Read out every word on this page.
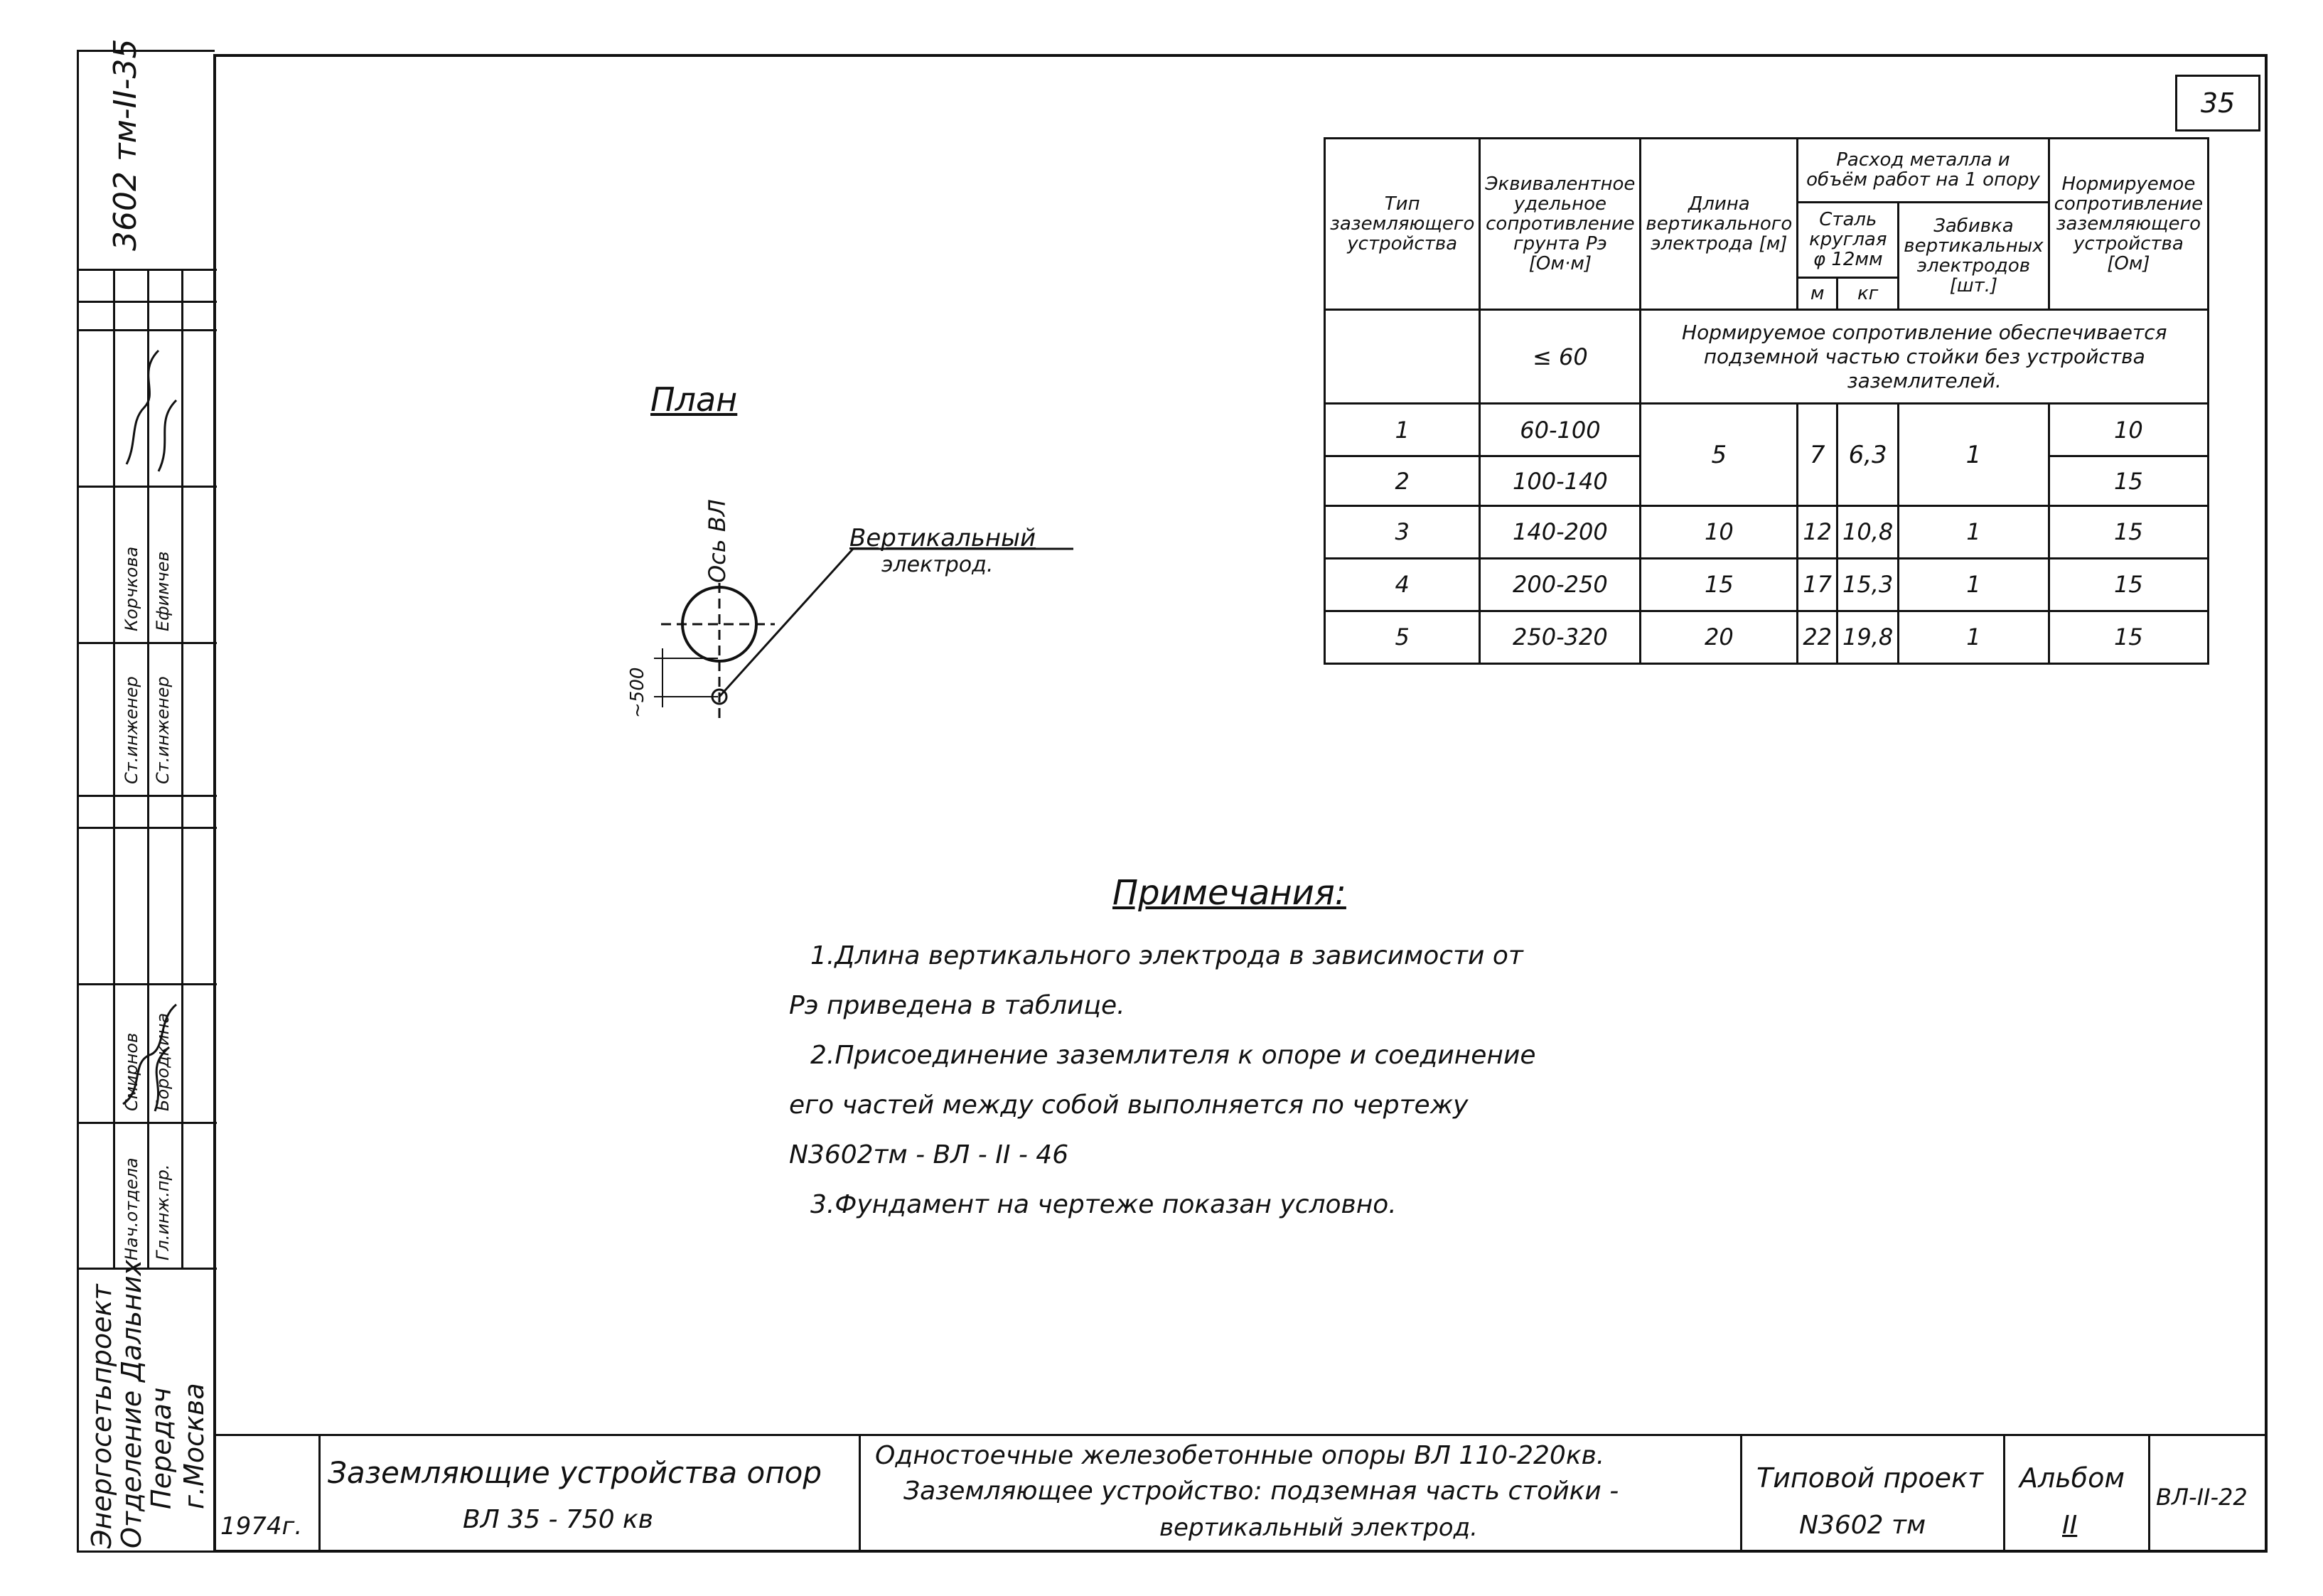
3602 тм-II-35
Нач.отдела Гл.инж.пр.
Смирнов Бородкина
Ст.инженер Ст.инженер
Корчкова Ефимчев
Энергосетьпроект
Отделение Дальних
Передач г.Москва
35
План
Ось ВЛ	Вертикальный
электрод.
~500
Тип заземляющего устройства	Эквивалентное удельное сопротивление грунта Рэ [Ом·м]	Длина вертикального электрода [м]	Расход металла и объём работ на 1 опору			Нормируемое сопротивление заземляющего устройства [Ом]
			Сталь круглая φ 12мм		Забивка вертикальных электродов [шт.]	
			м	кг		
	≤ 60	Нормируемое сопротивление обеспечивается подземной частью стойки без устройства заземлителей.				
1	60-100	5	7	6,3	1	10
2	100-140					15
3	140-200	10	12	10,8	1	15
4	200-250	15	17	15,3	1	15
5	250-320	20	22	19,8	1	15
Примечания:

1.Длина вертикального электрода в зависимости от

Рэ приведена в таблице.

2.Присоединение заземлителя к опоре и соединение

его частей между собой выполняется по чертежу

N3602тм - ВЛ - II - 46

3.Фундамент на чертеже показан условно.

1974г.
Заземляющие устройства опор
ВЛ 35 - 750 кв
Одностоечные железобетонные опоры ВЛ 110-220кв.
Заземляющее устройство: подземная часть стойки -
вертикальный электрод.
Типовой проект
N3602 тм
Альбом
II
ВЛ-II-22
